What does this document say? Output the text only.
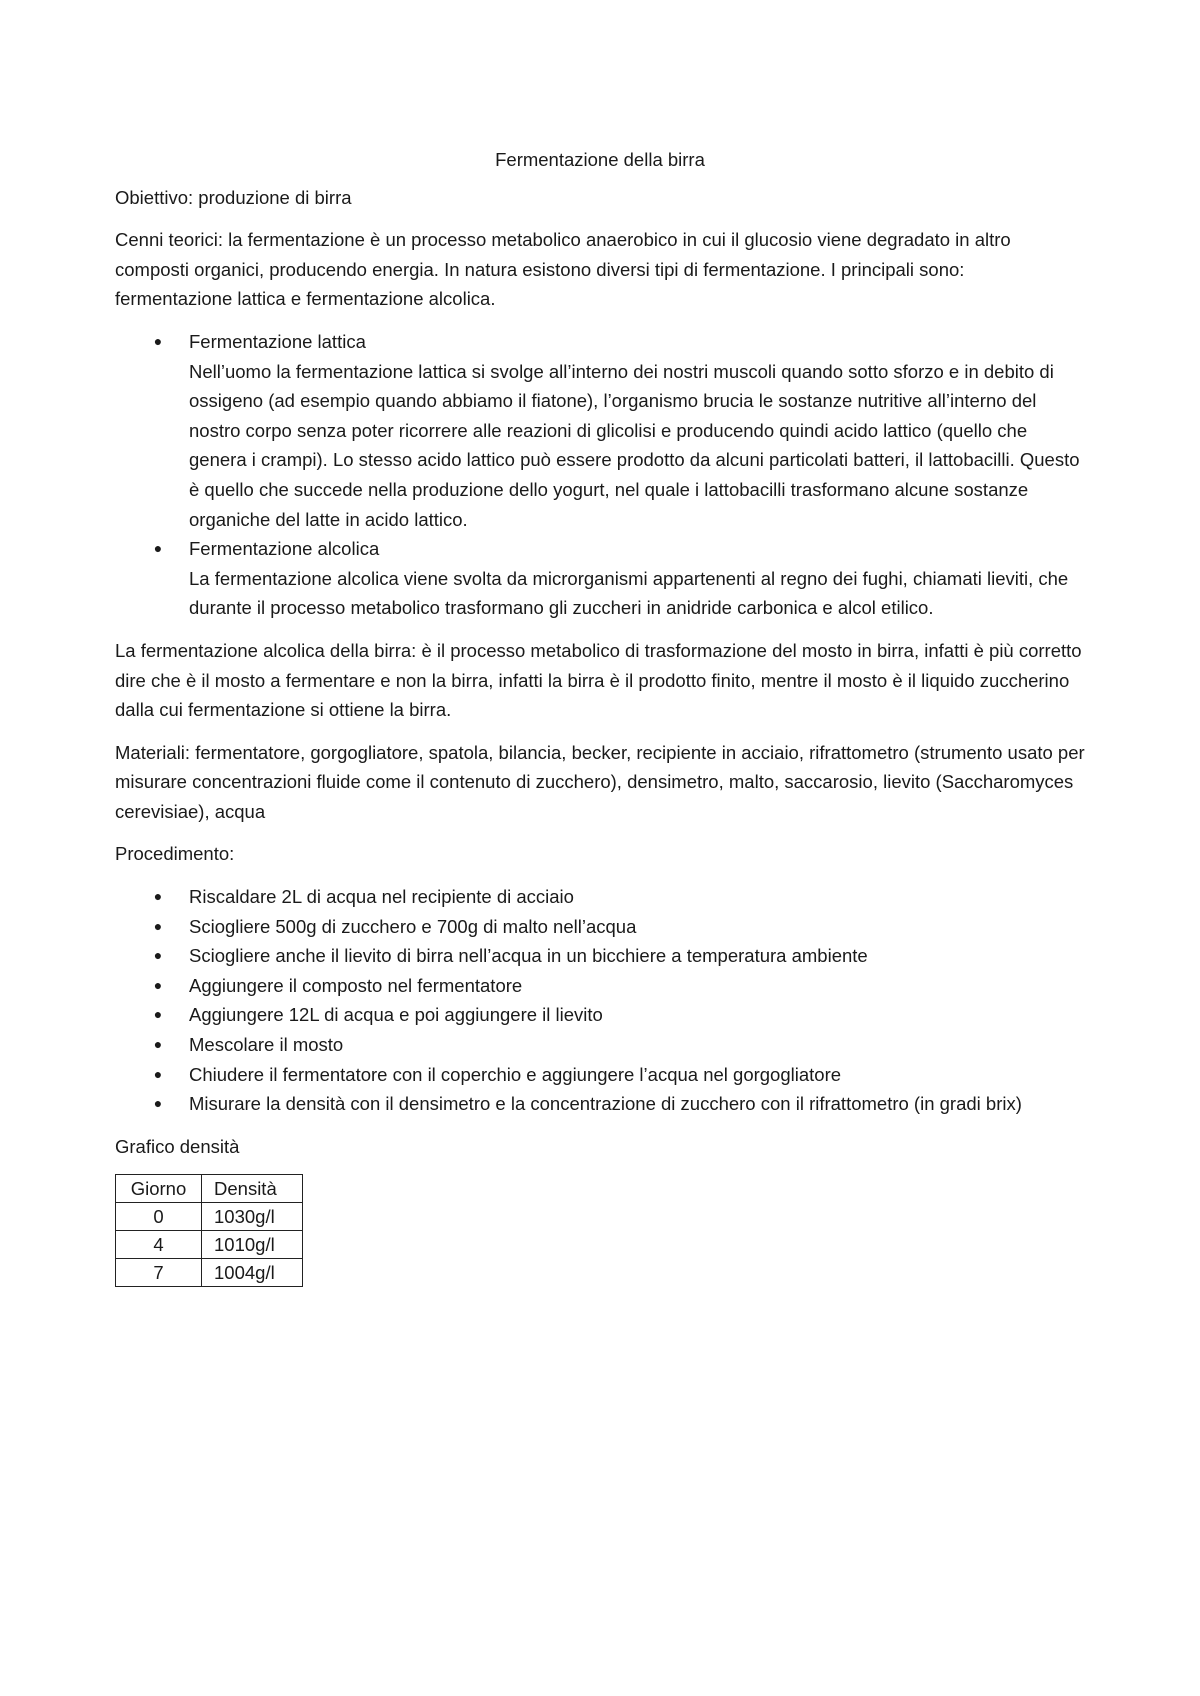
Fermentazione della birra

Obiettivo: produzione di birra

Cenni teorici: la fermentazione è un processo metabolico anaerobico in cui il glucosio viene degradato in altro composti organici, producendo energia. In natura esistono diversi tipi di fermentazione. I principali sono: fermentazione lattica e fermentazione alcolica.

● Fermentazione lattica
Nell’uomo la fermentazione lattica si svolge all’interno dei nostri muscoli quando sotto sforzo e in debito di ossigeno (ad esempio quando abbiamo il fiatone), l’organismo brucia le sostanze nutritive all’interno del nostro corpo senza poter ricorrere alle reazioni di glicolisi e producendo quindi acido lattico (quello che genera i crampi). Lo stesso acido lattico può essere prodotto da alcuni particolati batteri, il lattobacilli. Questo è quello che succede nella produzione dello yogurt, nel quale i lattobacilli trasformano alcune sostanze organiche del latte in acido lattico.
● Fermentazione alcolica
La fermentazione alcolica viene svolta da microrganismi appartenenti al regno dei fughi, chiamati lieviti, che durante il processo metabolico trasformano gli zuccheri in anidride carbonica e alcol etilico.

La fermentazione alcolica della birra: è il processo metabolico di trasformazione del mosto in birra, infatti è più corretto dire che è il mosto a fermentare e non la birra, infatti la birra è il prodotto finito, mentre il mosto è il liquido zuccherino dalla cui fermentazione si ottiene la birra.

Materiali: fermentatore, gorgogliatore, spatola, bilancia, becker, recipiente in acciaio, rifrattometro (strumento usato per misurare concentrazioni fluide come il contenuto di zucchero), densimetro, malto, saccarosio, lievito (Saccharomyces cerevisiae), acqua

Procedimento:

● Riscaldare 2L di acqua nel recipiente di acciaio
● Sciogliere 500g di zucchero e 700g di malto nell’acqua
● Sciogliere anche il lievito di birra nell’acqua in un bicchiere a temperatura ambiente
● Aggiungere il composto nel fermentatore
● Aggiungere 12L di acqua e poi aggiungere il lievito
● Mescolare il mosto
● Chiudere il fermentatore con il coperchio e aggiungere l’acqua nel gorgogliatore
● Misurare la densità con il densimetro e la concentrazione di zucchero con il rifrattometro (in gradi brix)

Grafico densità

Giorno	Densità
0	1030g/l
4	1010g/l
7	1004g/l
